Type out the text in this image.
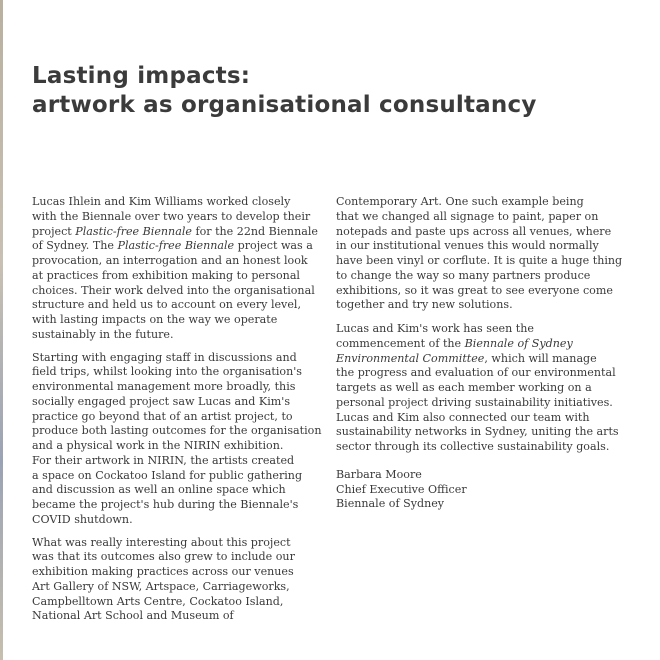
Lasting impacts:
artwork as organisational consultancy

Lucas Ihlein and Kim Williams worked closely
with the Biennale over two years to develop their
project Plastic-free Biennale for the 22nd Biennale
of Sydney. The Plastic-free Biennale project was a
provocation, an interrogation and an honest look
at practices from exhibition making to personal
choices. Their work delved into the organisational
structure and held us to account on every level,
with lasting impacts on the way we operate
sustainably in the future.

Starting with engaging staff in discussions and
field trips, whilst looking into the organisation's
environmental management more broadly, this
socially engaged project saw Lucas and Kim's
practice go beyond that of an artist project, to
produce both lasting outcomes for the organisation
and a physical work in the NIRIN exhibition.
For their artwork in NIRIN, the artists created
a space on Cockatoo Island for public gathering
and discussion as well an online space which
became the project's hub during the Biennale's
COVID shutdown.

What was really interesting about this project
was that its outcomes also grew to include our
exhibition making practices across our venues
Art Gallery of NSW, Artspace, Carriageworks,
Campbelltown Arts Centre, Cockatoo Island,
National Art School and Museum of

Contemporary Art. One such example being
that we changed all signage to paint, paper on
notepads and paste ups across all venues, where
in our institutional venues this would normally
have been vinyl or corflute. It is quite a huge thing
to change the way so many partners produce
exhibitions, so it was great to see everyone come
together and try new solutions.

Lucas and Kim's work has seen the
commencement of the Biennale of Sydney
Environmental Committee, which will manage
the progress and evaluation of our environmental
targets as well as each member working on a
personal project driving sustainability initiatives.
Lucas and Kim also connected our team with
sustainability networks in Sydney, uniting the arts
sector through its collective sustainability goals.

Barbara Moore
Chief Executive Officer
Biennale of Sydney
